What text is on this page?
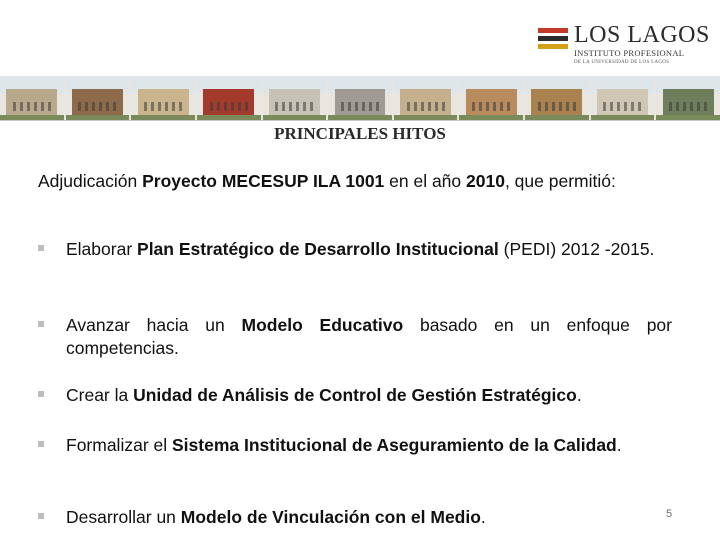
LOS LAGOS
INSTITUTO PROFESIONAL
DE LA UNIVERSIDAD DE LOS LAGOS
PRINCIPALES HITOS
Adjudicación Proyecto MECESUP ILA 1001 en el año 2010, que permitió:
Elaborar Plan Estratégico de Desarrollo Institucional (PEDI) 2012 -2015.
Avanzar hacia un Modelo Educativo basado en un enfoque por competencias.
Crear la Unidad de Análisis de Control de Gestión Estratégico.
Formalizar el Sistema Institucional de Aseguramiento de la Calidad.
Desarrollar un Modelo de Vinculación con el Medio.	5
